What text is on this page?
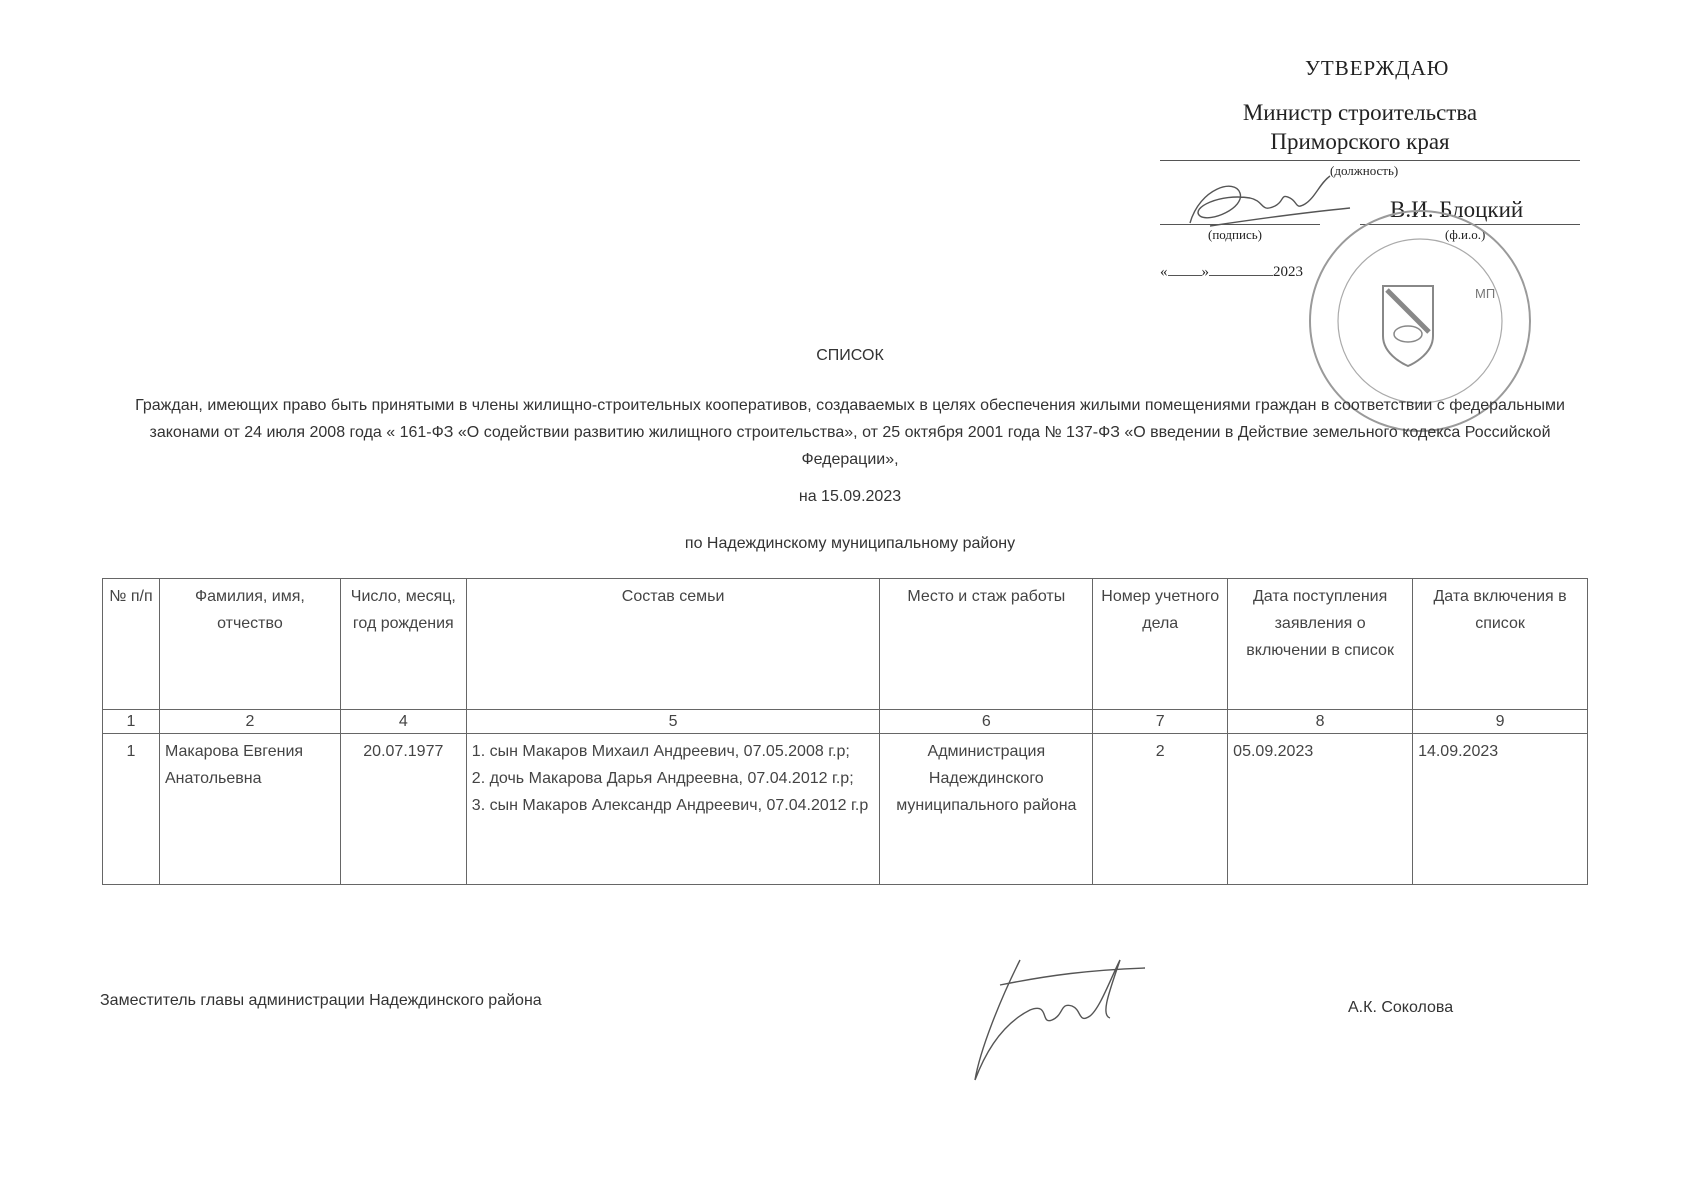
УТВЕРЖДАЮ
Министр строительства
Приморского края
(должность)
В.И. Блоцкий
(подпись)	(ф.и.о.)
« »	2023
МП
СПИСОК
Граждан, имеющих право быть принятыми в члены жилищно-строительных кооперативов, создаваемых в целях обеспечения жилыми помещениями граждан в соответствии с федеральными законами от 24 июля 2008 года « 161-ФЗ «О содействии развитию жилищного строительства», от 25 октября 2001 года № 137-ФЗ «О введении в Действие земельного кодекса Российской Федерации»,
на 15.09.2023
по Надеждинскому муниципальному району
№ п/п	Фамилия, имя, отчество	Число, месяц, год рождения	Состав семьи	Место и стаж работы	Номер учетного дела	Дата поступления заявления о включении в список	Дата включения в список
1	2	4	5	6	7	8	9
1	Макарова Евгения Анатольевна	20.07.1977	1. сын Макаров Михаил Андреевич, 07.05.2008 г.р;
2. дочь Макарова Дарья Андреевна, 07.04.2012 г.р;
3. сын Макаров Александр Андреевич, 07.04.2012 г.р	Администрация Надеждинского муниципального района	2	05.09.2023	14.09.2023
Заместитель главы администрации Надеждинского района	А.К. Соколова
